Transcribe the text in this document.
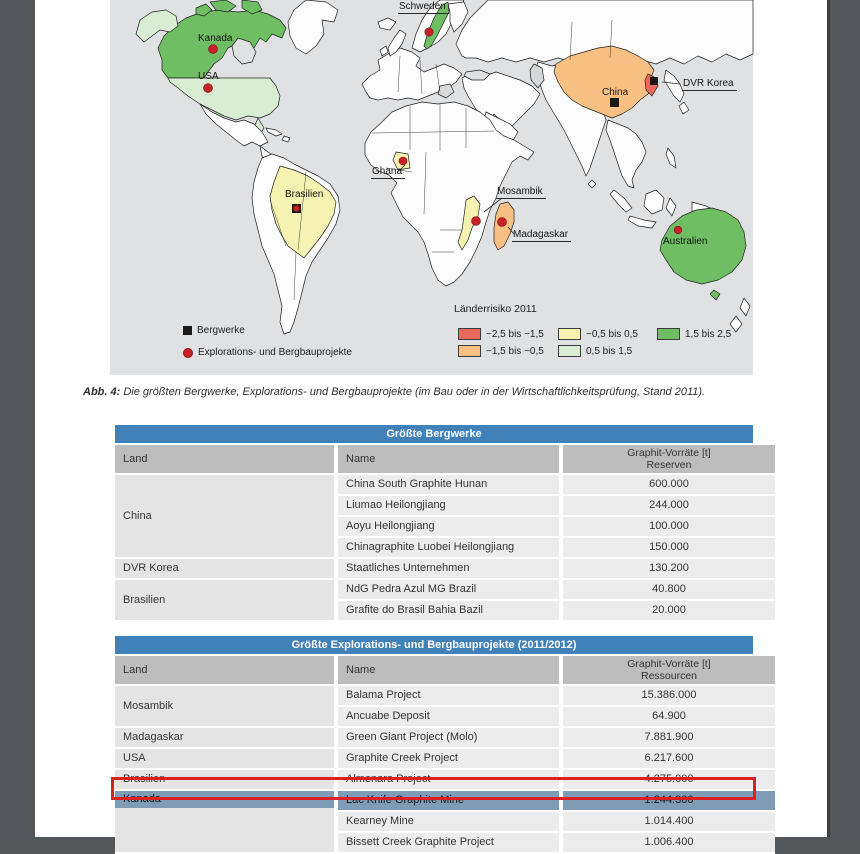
Schweden
Kanada
USA
China
DVR Korea
Ghana
Brasilien	Mosambik
Madagaskar
Australien
Bergwerke
Explorations- und Bergbauprojekte
Länderrisiko 2011
−2,5 bis −1,5
−1,5 bis −0,5
−0,5 bis 0,5
0,5 bis 1,5
1,5 bis 2,5
Abb. 4: Die größten Bergwerke, Explorations- und Bergbauprojekte (im Bau oder in der Wirtschaftlichkeitsprüfung, Stand 2011).
Größte Bergwerke
Land	Name	Graphit-Vorräte [t]
Reserven

China	China South Graphite Hunan	600.000
	Liumao Heilongjiang	244.000
	Aoyu Heilongjiang	100.000
	Chinagraphite Luobei Heilongjiang	150.000
DVR Korea	Staatliches Unternehmen	130.200
Brasilien	NdG Pedra Azul MG Brazil	40.800
	Grafite do Brasil Bahia Bazil	20.000
Größte Explorations- und Bergbauprojekte (2011/2012)
Land	Name	Graphit-Vorräte [t]
Ressourcen

Mosambik	Balama Project	15.386.000
	Ancuabe Deposit	64.900
Madagaskar	Green Giant Project (Molo)	7.881.900
USA	Graphite Creek Project	6.217.600
Brasilien	Almenara Project	4.275.000

Kanada	Lac Knife Graphite Mine	1.244.300
	Kearney Mine	1.014.400
	Bissett Creek Graphite Project	1.006.400
